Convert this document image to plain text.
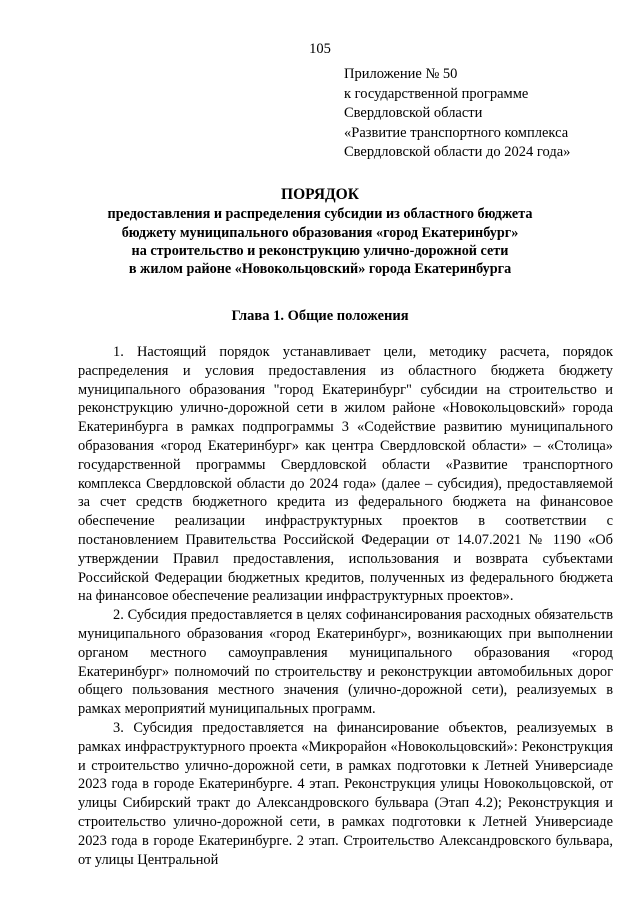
105
Приложение № 50
к государственной программе
Свердловской области
«Развитие транспортного комплекса
Свердловской области до 2024 года»
ПОРЯДОК
предоставления и распределения субсидии из областного бюджета
бюджету муниципального образования «город Екатеринбург»
на строительство и реконструкцию улично-дорожной сети
в жилом районе «Новокольцовский» города Екатеринбурга
Глава 1. Общие положения

1. Настоящий порядок устанавливает цели, методику расчета, порядок распределения и условия предоставления из областного бюджета бюджету муниципального образования "город Екатеринбург" субсидии на строительство и реконструкцию улично-дорожной сети в жилом районе «Новокольцовский» города Екатеринбурга в рамках подпрограммы 3 «Содействие развитию муниципального образования «город Екатеринбург» как центра Свердловской области» – «Столица» государственной программы Свердловской области «Развитие транспортного комплекса Свердловской области до 2024 года» (далее – субсидия), предоставляемой за счет средств бюджетного кредита из федерального бюджета на финансовое обеспечение реализации инфраструктурных проектов в соответствии с постановлением Правительства Российской Федерации от 14.07.2021 № 1190 «Об утверждении Правил предоставления, использования и возврата субъектами Российской Федерации бюджетных кредитов, полученных из федерального бюджета на финансовое обеспечение реализации инфраструктурных проектов».

2. Субсидия предоставляется в целях софинансирования расходных обязательств муниципального образования «город Екатеринбург», возникающих при выполнении органом местного самоуправления муниципального образования «город Екатеринбург» полномочий по строительству и реконструкции автомобильных дорог общего пользования местного значения (улично-дорожной сети), реализуемых в рамках мероприятий муниципальных программ.

3. Субсидия предоставляется на финансирование объектов, реализуемых в рамках инфраструктурного проекта «Микрорайон «Новокольцовский»: Реконструкция и строительство улично-дорожной сети, в рамках подготовки к Летней Универсиаде 2023 года в городе Екатеринбурге. 4 этап. Реконструкция улицы Новокольцовской, от улицы Сибирский тракт до Александровского бульвара (Этап 4.2); Реконструкция и строительство улично-дорожной сети, в рамках подготовки к Летней Универсиаде 2023 года в городе Екатеринбурге. 2 этап. Строительство Александровского бульвара, от улицы Центральной
